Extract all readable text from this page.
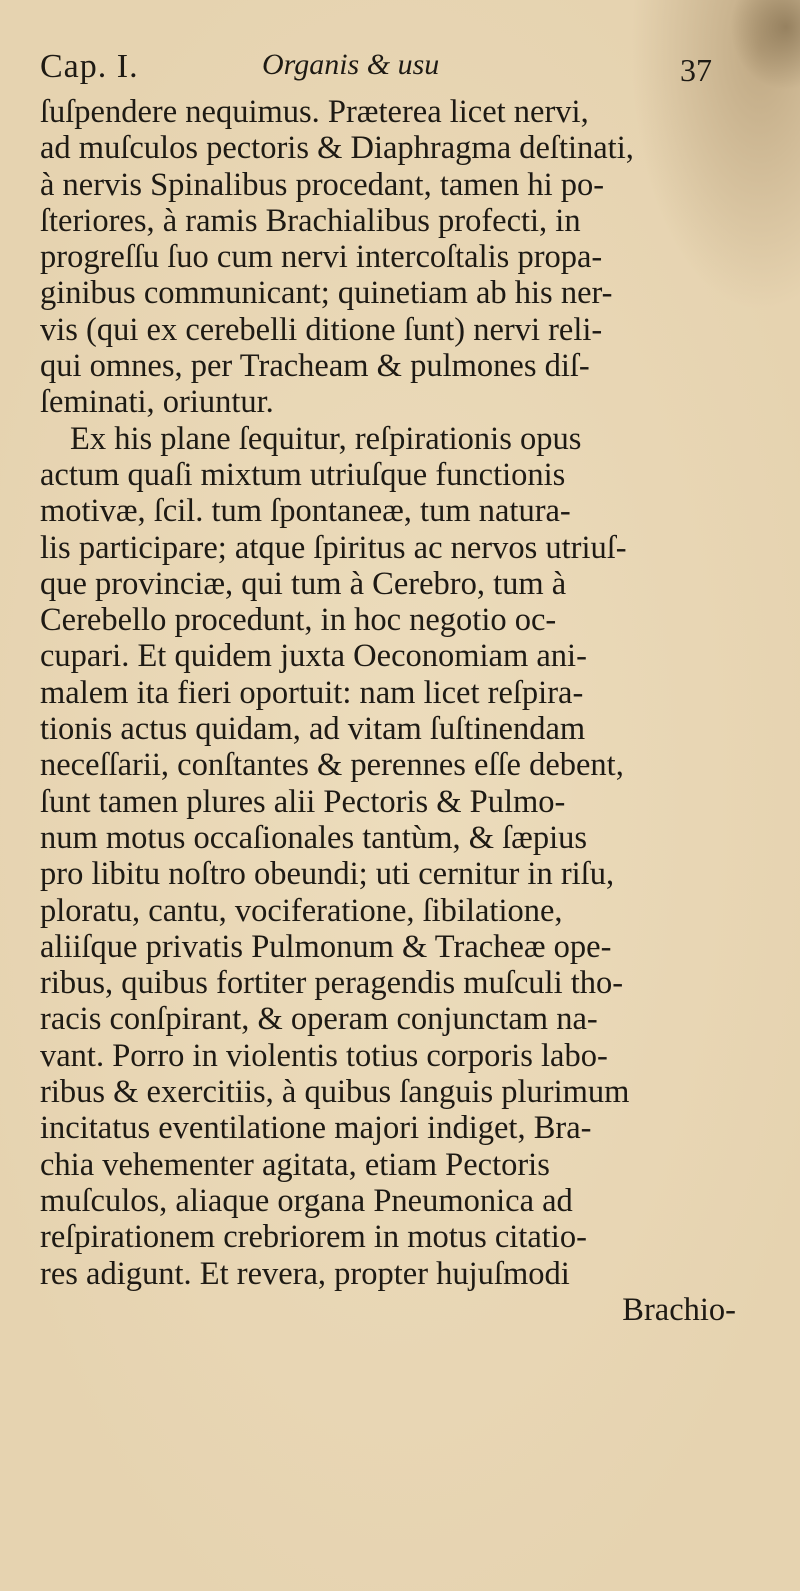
Cap. I.	Organis & usu	37
ſuſpendere nequimus. Præterea licet nervi,
ad muſculos pectoris & Diaphragma deſtinati,
à nervis Spinalibus procedant, tamen hi po-
ſteriores, à ramis Brachialibus profecti, in
progreſſu ſuo cum nervi intercoſtalis propa-
ginibus communicant; quinetiam ab his ner-
vis (qui ex cerebelli ditione ſunt) nervi reli-
qui omnes, per Tracheam & pulmones diſ-
ſeminati, oriuntur.
Ex his plane ſequitur, reſpirationis opus
actum quaſi mixtum utriuſque functionis
motivæ, ſcil. tum ſpontaneæ, tum natura-
lis participare; atque ſpiritus ac nervos utriuſ-
que provinciæ, qui tum à Cerebro, tum à
Cerebello procedunt, in hoc negotio oc-
cupari. Et quidem juxta Oeconomiam ani-
malem ita fieri oportuit: nam licet reſpira-
tionis actus quidam, ad vitam ſuſtinendam
neceſſarii, conſtantes & perennes eſſe debent,
ſunt tamen plures alii Pectoris & Pulmo-
num motus occaſionales tantùm, & ſæpius
pro libitu noſtro obeundi; uti cernitur in riſu,
ploratu, cantu, vociferatione, ſibilatione,
aliiſque privatis Pulmonum & Tracheæ ope-
ribus, quibus fortiter peragendis muſculi tho-
racis conſpirant, & operam conjunctam na-
vant. Porro in violentis totius corporis labo-
ribus & exercitiis, à quibus ſanguis plurimum
incitatus eventilatione majori indiget, Bra-
chia vehementer agitata, etiam Pectoris
muſculos, aliaque organa Pneumonica ad
reſpirationem crebriorem in motus citatio-
res adigunt. Et revera, propter hujuſmodi
Brachio-
